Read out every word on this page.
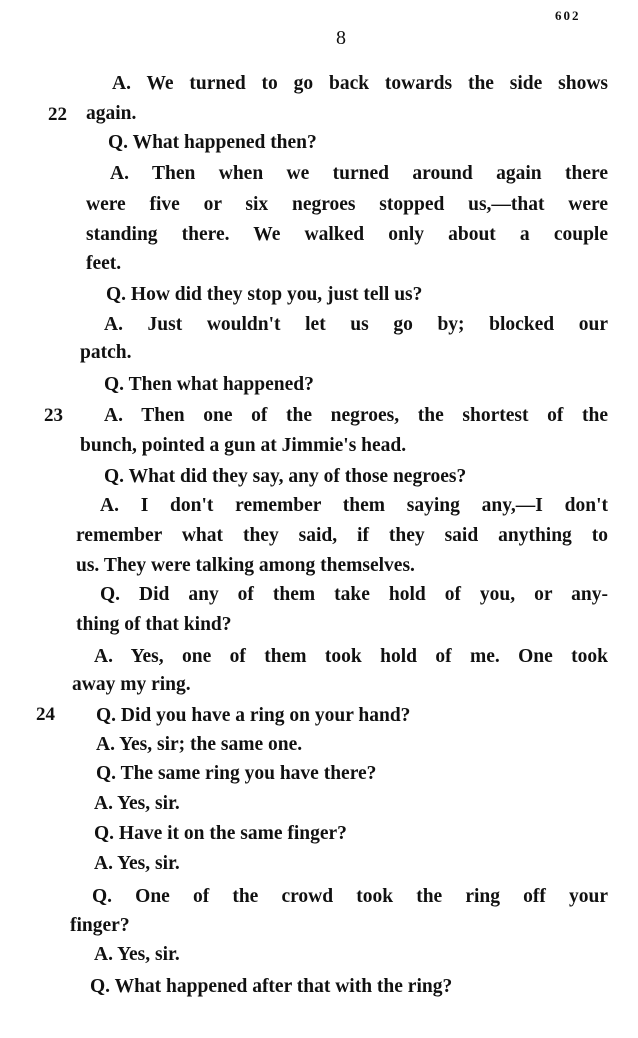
8
602
22
23
24
A. We turned to go back towards the side shows
again.
Q. What happened then?
A. Then when we turned around again there
were five or six negroes stopped us,—that were
standing there. We walked only about a couple
feet.
Q. How did they stop you, just tell us?
A. Just wouldn't let us go by; blocked our
patch.
Q. Then what happened?
A. Then one of the negroes, the shortest of the
bunch, pointed a gun at Jimmie's head.
Q. What did they say, any of those negroes?
A. I don't remember them saying any,—I don't
remember what they said, if they said anything to
us. They were talking among themselves.
Q. Did any of them take hold of you, or any-
thing of that kind?
A. Yes, one of them took hold of me. One took
away my ring.
Q. Did you have a ring on your hand?
A. Yes, sir; the same one.
Q. The same ring you have there?
A. Yes, sir.
Q. Have it on the same finger?
A. Yes, sir.
Q. One of the crowd took the ring off your
finger?
A. Yes, sir.
Q. What happened after that with the ring?
